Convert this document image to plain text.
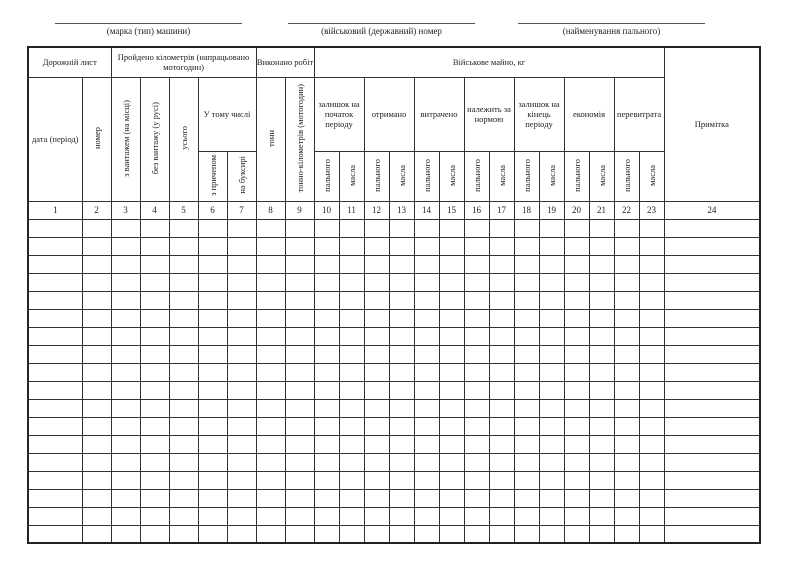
(марка (тип) машини)	(військовий (державний) номер	(найменування пального)
Дорожній лист		Пройдено кілометрів (напрацьовано мотогодин)					Виконано робіт		Військове майно, кг														Примітка
дата (період)	номер	з вантажем (на місці)	без вантажу (у русі)	усього	У тому числі		тонн	тонно-кілометрів (мотогодин)	залишок на початок періоду		отримано		витрачено		належить за нормою		залишок на кінець періоду		економія		перевитрата		
					з причепом	на буксирі			пального	масла	пального	масла	пального	масла	пального	масла	пального	масла	пального	масла	пального	масла	
1	2	3	4	5	6	7	8	9	10	11	12	13	14	15	16	17	18	19	20	21	22	23	24
